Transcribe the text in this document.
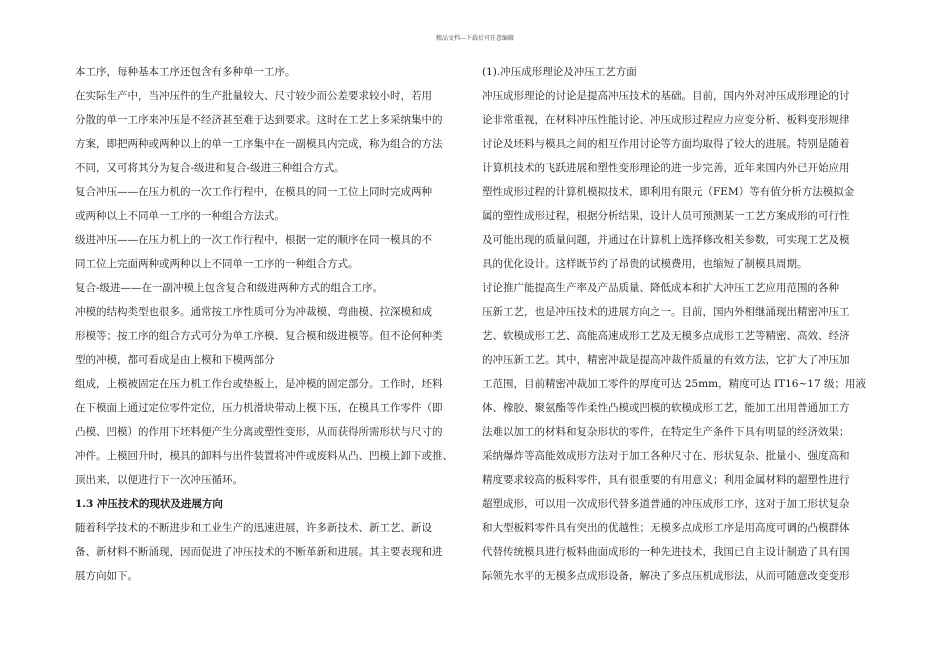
精品文档---下载后可任意编辑
本工序，每种基本工序还包含有多种单一工序。
在实际生产中，当冲压件的生产批量较大、尺寸较少而公差要求较小时，若用
分散的单一工序来冲压是不经济甚至难于达到要求。这时在工艺上多采纳集中的
方案，即把两种或两种以上的单一工序集中在一副模具内完成，称为组合的方法
不同，又可将其分为复合-级进和复合-级进三种组合方式。
复合冲压——在压力机的一次工作行程中，在模具的同一工位上同时完成两种
或两种以上不同单一工序的一种组合方法式。
级进冲压——在压力机上的一次工作行程中，根据一定的顺序在同一模具的不
同工位上完面两种或两种以上不同单一工序的一种组合方式。
复合-级进——在一副冲模上包含复合和级进两种方式的组合工序。
冲模的结构类型也很多。通常按工序性质可分为冲裁模、弯曲模、拉深模和成
形模等；按工序的组合方式可分为单工序模、复合模和级进模等。但不论何种类
型的冲模，都可看成是由上模和下模两部分
组成，上模被固定在压力机工作台或垫板上，是冲模的固定部分。工作时，坯料
在下模面上通过定位零件定位，压力机滑块带动上模下压，在模具工作零件（即
凸模、凹模）的作用下坯料便产生分离或塑性变形，从而获得所需形状与尺寸的
冲件。上模回升时，模具的卸料与出件装置将冲件或废料从凸、凹模上卸下或推、
顶出来，以便进行下一次冲压循环。
1.3 冲压技术的现状及进展方向
随着科学技术的不断进步和工业生产的迅速进展，许多新技术、新工艺、新设
备、新材料不断涌现，因而促进了冲压技术的不断革新和进展。其主要表现和进
展方向如下。
(1).冲压成形理论及冲压工艺方面
冲压成形理论的讨论是提高冲压技术的基础。目前，国内外对冲压成形理论的讨
论非常重视，在材料冲压性能讨论、冲压成形过程应力应变分析、板料变形规律
讨论及坯料与模具之间的相互作用讨论等方面均取得了较大的进展。特别是随着
计算机技术的飞跃进展和塑性变形理论的进一步完善，近年来国内外已开始应用
塑性成形过程的计算机模拟技术，即利用有限元（FEM）等有值分析方法模拟金
属的塑性成形过程，根据分析结果，设计人员可预测某一工艺方案成形的可行性
及可能出现的质量问题，并通过在计算机上选择修改相关参数，可实现工艺及模
具的优化设计。这样既节约了昂贵的试模费用，也缩短了制模具周期。
讨论推广能提高生产率及产品质量、降低成本和扩大冲压工艺应用范围的各种
压新工艺，也是冲压技术的进展方向之一。目前，国内外相继涌现出精密冲压工
艺、软模成形工艺、高能高速成形工艺及无模多点成形工艺等精密、高效、经济
的冲压新工艺。其中，精密冲裁是提高冲裁件质量的有效方法，它扩大了冲压加
工范围，目前精密冲裁加工零件的厚度可达 25mm，精度可达 IT16~17 级；用液
体、橡胶、聚氨酯等作柔性凸模或凹模的软模成形工艺，能加工出用普通加工方
法难以加工的材料和复杂形状的零件，在特定生产条件下具有明显的经济效果；
采纳爆炸等高能效成形方法对于加工各种尺寸在、形状复杂、批量小、强度高和
精度要求较高的板料零件，具有很重要的有用意义；利用金属材料的超塑性进行
超塑成形，可以用一次成形代替多道普通的冲压成形工序，这对于加工形状复杂
和大型板料零件具有突出的优越性；无模多点成形工序是用高度可调的凸模群体
代替传统模具进行板料曲面成形的一种先进技术，我国已自主设计制造了具有国
际领先水平的无模多点成形设备，解决了多点压机成形法，从而可随意改变变形
